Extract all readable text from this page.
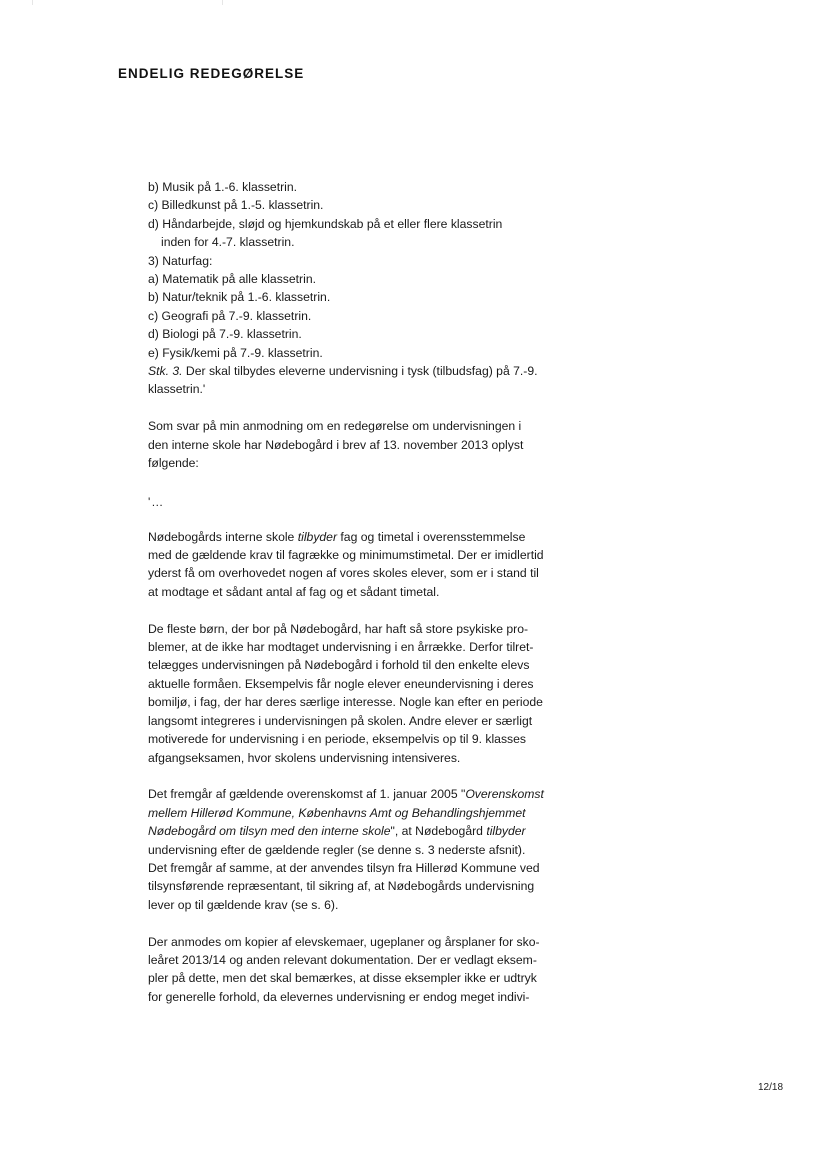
ENDELIG REDEGØRELSE
b) Musik på 1.-6. klassetrin.
c) Billedkunst på 1.-5. klassetrin.
d) Håndarbejde, sløjd og hjemkundskab på et eller flere klassetrin
inden for 4.-7. klassetrin.
3) Naturfag:
a) Matematik på alle klassetrin.
b) Natur/teknik på 1.-6. klassetrin.
c) Geografi på 7.-9. klassetrin.
d) Biologi på 7.-9. klassetrin.
e) Fysik/kemi på 7.-9. klassetrin.
Stk. 3. Der skal tilbydes eleverne undervisning i tysk (tilbudsfag) på 7.-9.
klassetrin.'
Som svar på min anmodning om en redegørelse om undervisningen i
den interne skole har Nødebogård i brev af 13. november 2013 oplyst
følgende:
'…
Nødebogårds interne skole tilbyder fag og timetal i overensstemmelse
med de gældende krav til fagrække og minimumstimetal. Der er imidlertid
yderst få om overhovedet nogen af vores skoles elever, som er i stand til
at modtage et sådant antal af fag og et sådant timetal.
De fleste børn, der bor på Nødebogård, har haft så store psykiske pro-
blemer, at de ikke har modtaget undervisning i en årrække. Derfor tilret-
telægges undervisningen på Nødebogård i forhold til den enkelte elevs
aktuelle formåen. Eksempelvis får nogle elever eneundervisning i deres
bomiljø, i fag, der har deres særlige interesse. Nogle kan efter en periode
langsomt integreres i undervisningen på skolen. Andre elever er særligt
motiverede for undervisning i en periode, eksempelvis op til 9. klasses
afgangseksamen, hvor skolens undervisning intensiveres.
Det fremgår af gældende overenskomst af 1. januar 2005 "Overenskomst
mellem Hillerød Kommune, Københavns Amt og Behandlingshjemmet
Nødebogård om tilsyn med den interne skole", at Nødebogård tilbyder
undervisning efter de gældende regler (se denne s. 3 nederste afsnit).
Det fremgår af samme, at der anvendes tilsyn fra Hillerød Kommune ved
tilsynsførende repræsentant, til sikring af, at Nødebogårds undervisning
lever op til gældende krav (se s. 6).
Der anmodes om kopier af elevskemaer, ugeplaner og årsplaner for sko-
leåret 2013/14 og anden relevant dokumentation. Der er vedlagt eksem-
pler på dette, men det skal bemærkes, at disse eksempler ikke er udtryk
for generelle forhold, da elevernes undervisning er endog meget indivi-
12/18
